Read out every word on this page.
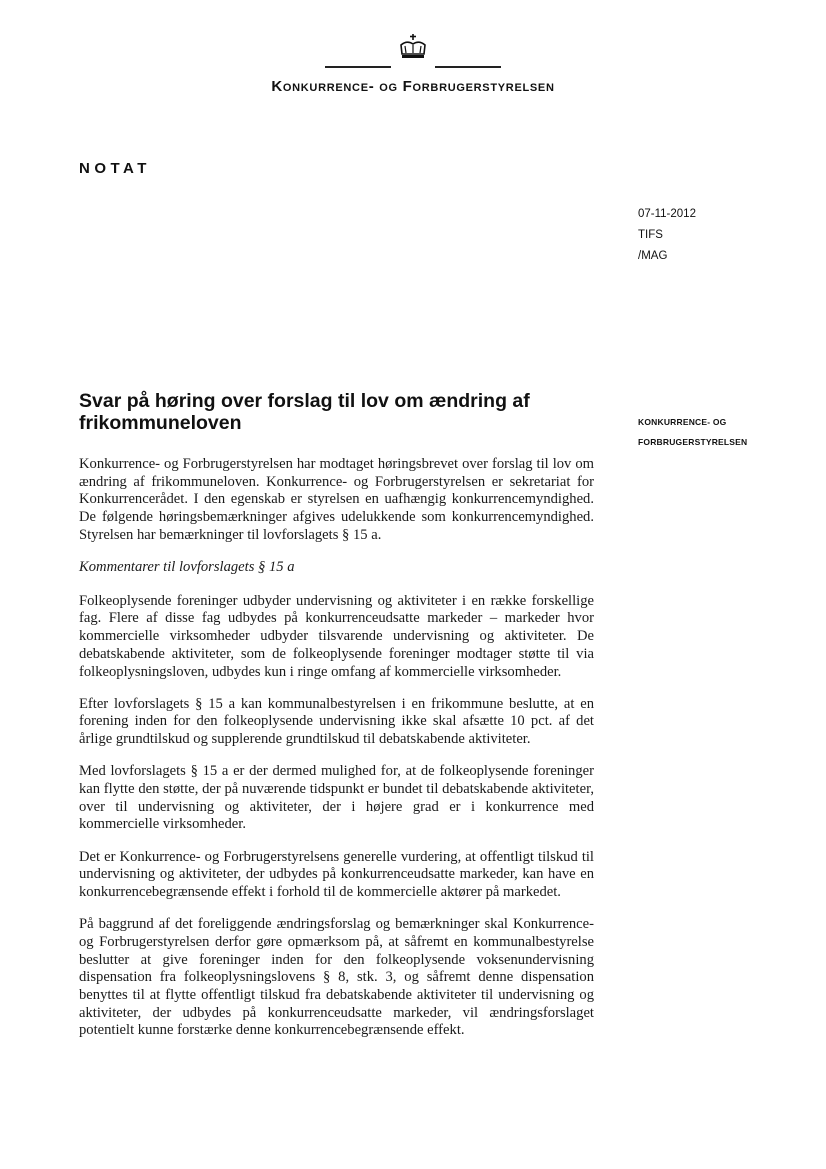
Konkurrence- og Forbrugerstyrelsen
NOTAT
07-11-2012
TIFS
/MAG
KONKURRENCE- OG
FORBRUGERSTYRELSEN
Svar på høring over forslag til lov om ændring af frikommuneloven

Konkurrence- og Forbrugerstyrelsen har modtaget høringsbrevet over forslag til lov om ændring af frikommuneloven. Konkurrence- og Forbrugerstyrelsen er sekretariat for Konkurrencerådet. I den egenskab er styrelsen en uafhængig konkurrencemyndighed. De følgende høringsbemærkninger afgives udelukkende som konkurrencemyndighed. Styrelsen har bemærkninger til lovforslagets § 15 a.

Kommentarer til lovforslagets § 15 a

Folkeoplysende foreninger udbyder undervisning og aktiviteter i en række forskellige fag. Flere af disse fag udbydes på konkurrenceudsatte markeder – markeder hvor kommercielle virksomheder udbyder tilsvarende undervisning og aktiviteter. De debatskabende aktiviteter, som de folkeoplysende foreninger modtager støtte til via folkeoplysningsloven, udbydes kun i ringe omfang af kommercielle virksomheder.

Efter lovforslagets § 15 a kan kommunalbestyrelsen i en frikommune beslutte, at en forening inden for den folkeoplysende undervisning ikke skal afsætte 10 pct. af det årlige grundtilskud og supplerende grundtilskud til debatskabende aktiviteter.

Med lovforslagets § 15 a er der dermed mulighed for, at de folkeoplysende foreninger kan flytte den støtte, der på nuværende tidspunkt er bundet til debatskabende aktiviteter, over til undervisning og aktiviteter, der i højere grad er i konkurrence med kommercielle virksomheder.

Det er Konkurrence- og Forbrugerstyrelsens generelle vurdering, at offentligt tilskud til undervisning og aktiviteter, der udbydes på konkurrenceudsatte markeder, kan have en konkurrencebegrænsende effekt i forhold til de kommercielle aktører på markedet.

På baggrund af det foreliggende ændringsforslag og bemærkninger skal Konkurrence- og Forbrugerstyrelsen derfor gøre opmærksom på, at såfremt en kommunalbestyrelse beslutter at give foreninger inden for den folkeoplysende voksenundervisning dispensation fra folkeoplysningslovens § 8, stk. 3, og såfremt denne dispensation benyttes til at flytte offentligt tilskud fra debatskabende aktiviteter til undervisning og aktiviteter, der udbydes på konkurrenceudsatte markeder, vil ændringsforslaget potentielt kunne forstærke denne konkurrencebegrænsende effekt.
